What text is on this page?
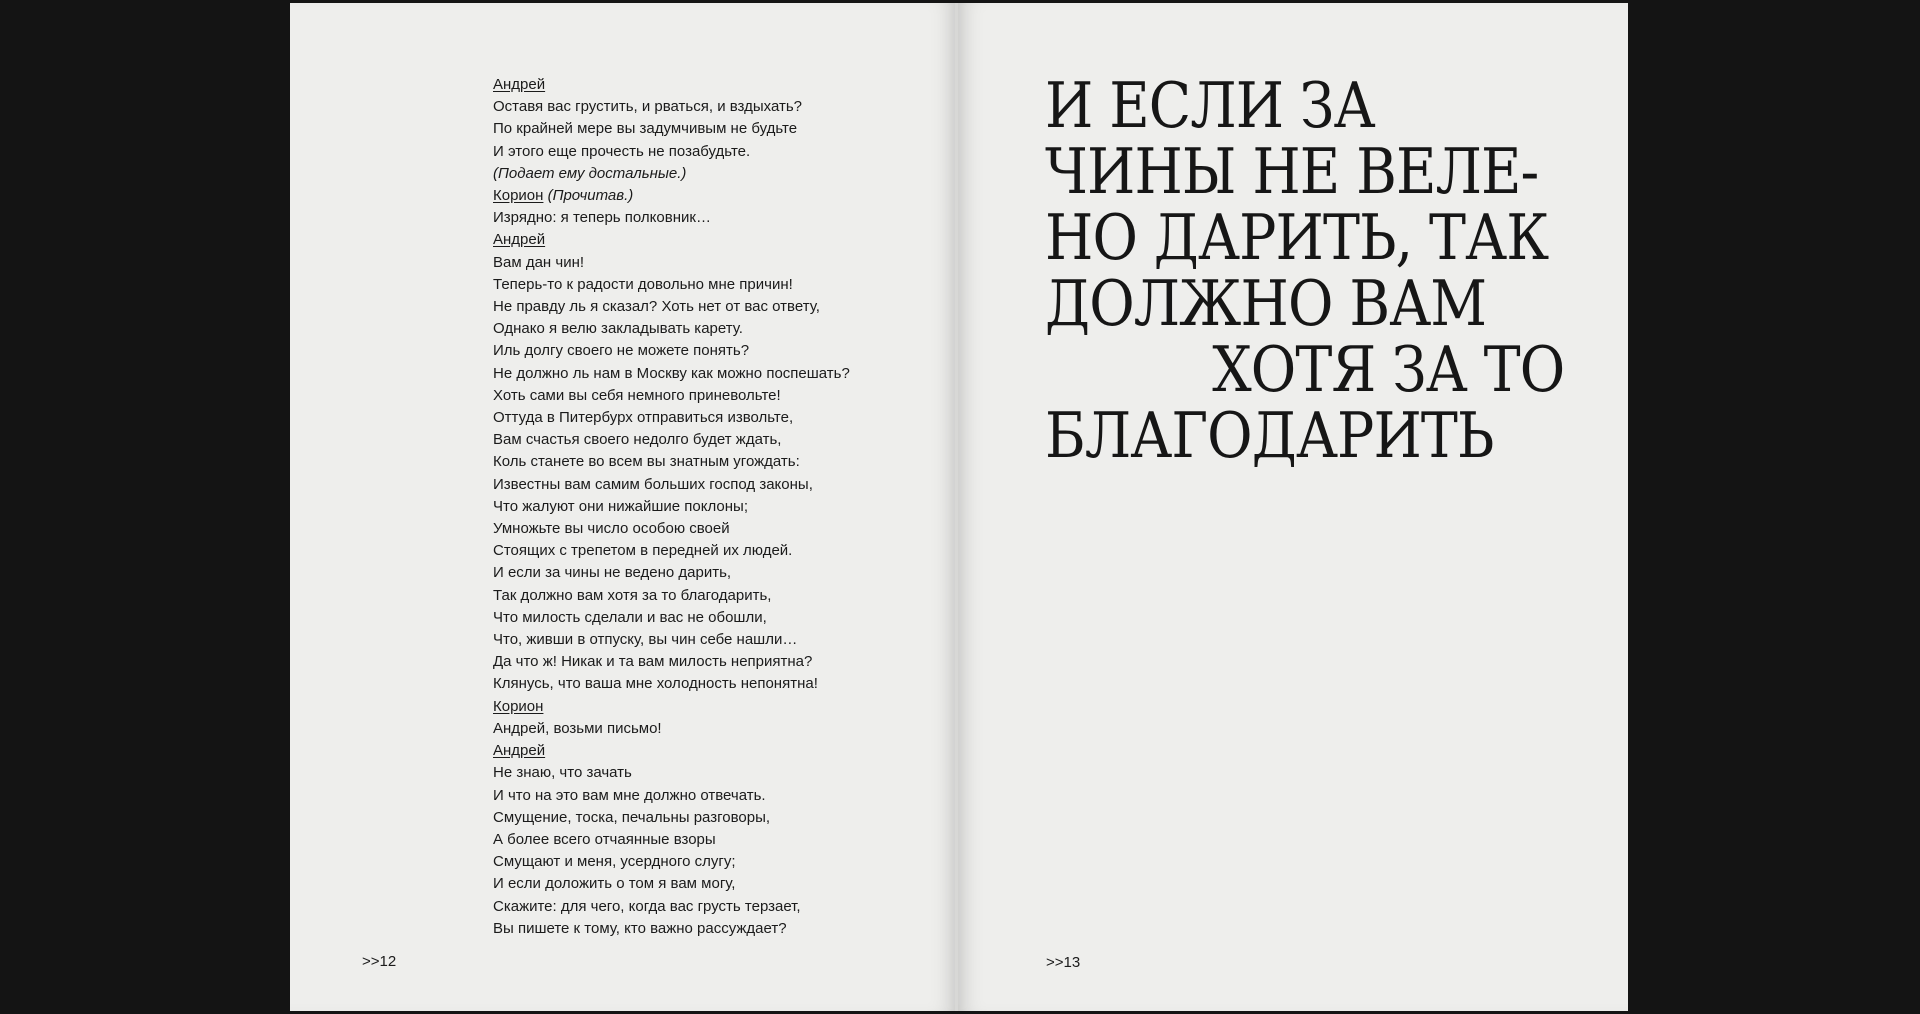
Андрей
Оставя вас грустить, и рваться, и вздыхать?
По крайней мере вы задумчивым не будьте
И этого еще прочесть не позабудьте.
(Подает ему достальные.)
Корион (Прочитав.)
Изрядно: я теперь полковник…
Андрей
Вам дан чин!
Теперь-то к радости довольно мне причин!
Не правду ль я сказал? Хоть нет от вас ответу,
Однако я велю закладывать карету.
Иль долгу своего не можете понять?
Не должно ль нам в Москву как можно поспешать?
Хоть сами вы себя немного приневольте!
Оттуда в Питербурх отправиться извольте,
Вам счастья своего недолго будет ждать,
Коль станете во всем вы знатным угождать:
Известны вам самим больших господ законы,
Что жалуют они нижайшие поклоны;
Умножьте вы число особою своей
Стоящих с трепетом в передней их людей.
И если за чины не ведено дарить,
Так должно вам хотя за то благодарить,
Что милость сделали и вас не обошли,
Что, живши в отпуску, вы чин себе нашли…
Да что ж! Никак и та вам милость неприятна?
Клянусь, что ваша мне холодность непонятна!
Корион
Андрей, возьми письмо!
Андрей
Не знаю, что зачать
И что на это вам мне должно отвечать.
Смущение, тоска, печальны разговоры,
А более всего отчаянные взоры
Смущают и меня, усердного слугу;
И если доложить о том я вам могу,
Скажите: для чего, когда вас грусть терзает,
Вы пишете к тому, кто важно рассуждает?
>>12
И ЕСЛИ ЗА
ЧИНЫ НЕ ВЕЛЕ-
НО ДАРИТЬ, ТАК
ДОЛЖНО ВАМ
ХОТЯ ЗА ТО
БЛАГОДАРИТЬ
>>13
